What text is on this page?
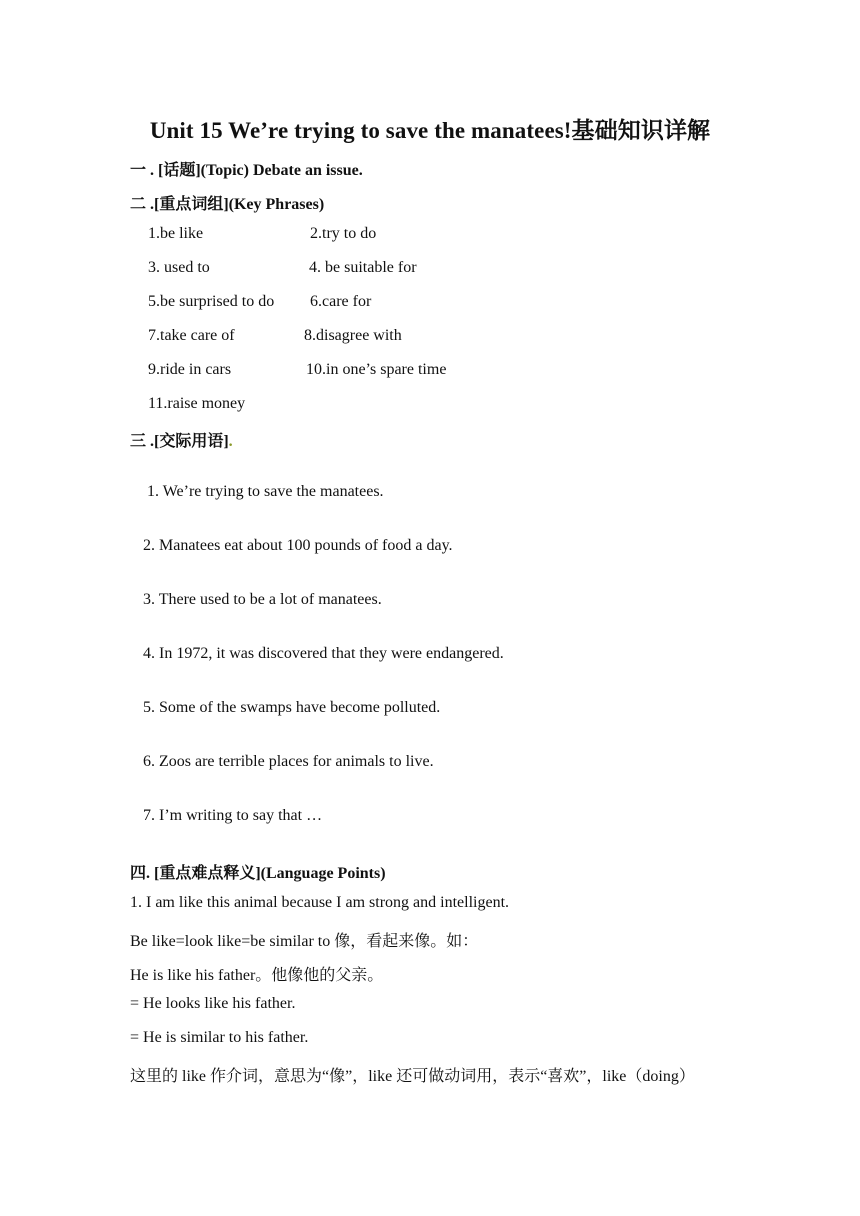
Unit 15 We’re trying to save the manatees!基础知识详解
一 . [话题](Topic) Debate an issue.
二 .[重点词组](Key Phrases)
1.be like	2.try to do
3. used to	4. be suitable for
5.be surprised to do 6.care for
7.take care of	8.disagree with
9.ride in cars	10.in one’s spare time
11.raise money
三 .[交际用语].
1. We’re trying to save the manatees.
2. Manatees eat about 100 pounds of food a day.
3. There used to be a lot of manatees.
4. In 1972, it was discovered that they were endangered.
5. Some of the swamps have become polluted.
6. Zoos are terrible places for animals to live.
7. I’m writing to say that …
四. [重点难点释义](Language Points)
1. I am like this animal because I am strong and intelligent.
Be like=look like=be similar to 像，看起来像。如：
He is like his father。他像他的父亲。
= He looks like his father.
= He is similar to his father.
这里的 like 作介词，意思为“像”，like 还可做动词用，表示“喜欢”，like（doing）
